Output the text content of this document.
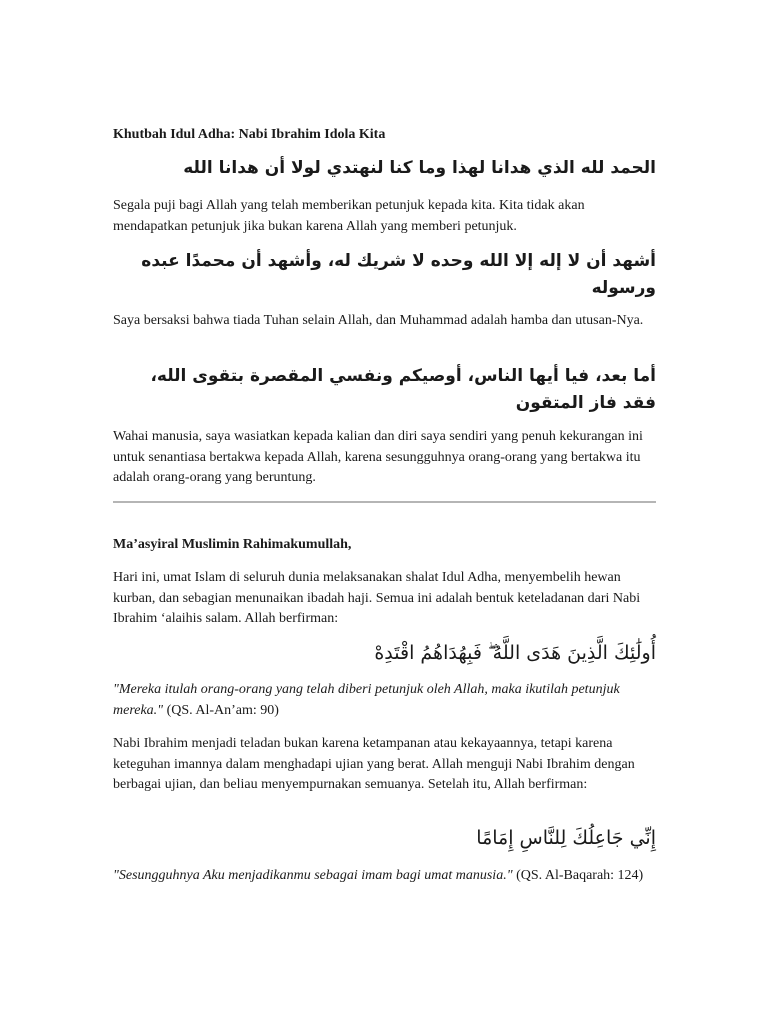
Khutbah Idul Adha: Nabi Ibrahim Idola Kita

الحمد لله الذي هدانا لهذا وما كنا لنهتدي لولا أن هدانا الله

Segala puji bagi Allah yang telah memberikan petunjuk kepada kita. Kita tidak akan mendapatkan petunjuk jika bukan karena Allah yang memberi petunjuk.

أشهد أن لا إله إلا الله وحده لا شريك له، وأشهد أن محمدًا عبده ورسوله

Saya bersaksi bahwa tiada Tuhan selain Allah, dan Muhammad adalah hamba dan utusan-Nya.

أما بعد، فيا أيها الناس، أوصيكم ونفسي المقصرة بتقوى الله، فقد فاز المتقون

Wahai manusia, saya wasiatkan kepada kalian dan diri saya sendiri yang penuh kekurangan ini untuk senantiasa bertakwa kepada Allah, karena sesungguhnya orang-orang yang bertakwa itu adalah orang-orang yang beruntung.

Ma’asyiral Muslimin Rahimakumullah,

Hari ini, umat Islam di seluruh dunia melaksanakan shalat Idul Adha, menyembelih hewan kurban, dan sebagian menunaikan ibadah haji. Semua ini adalah bentuk keteladanan dari Nabi Ibrahim ‘alaihis salam. Allah berfirman:

أُولَٰئِكَ الَّذِينَ هَدَى اللَّهُ ۖ فَبِهُدَاهُمُ اقْتَدِهْ

"Mereka itulah orang-orang yang telah diberi petunjuk oleh Allah, maka ikutilah petunjuk mereka." (QS. Al-An’am: 90)

Nabi Ibrahim menjadi teladan bukan karena ketampanan atau kekayaannya, tetapi karena keteguhan imannya dalam menghadapi ujian yang berat. Allah menguji Nabi Ibrahim dengan berbagai ujian, dan beliau menyempurnakan semuanya. Setelah itu, Allah berfirman:

إِنِّي جَاعِلُكَ لِلنَّاسِ إِمَامًا

"Sesungguhnya Aku menjadikanmu sebagai imam bagi umat manusia." (QS. Al-Baqarah: 124)
